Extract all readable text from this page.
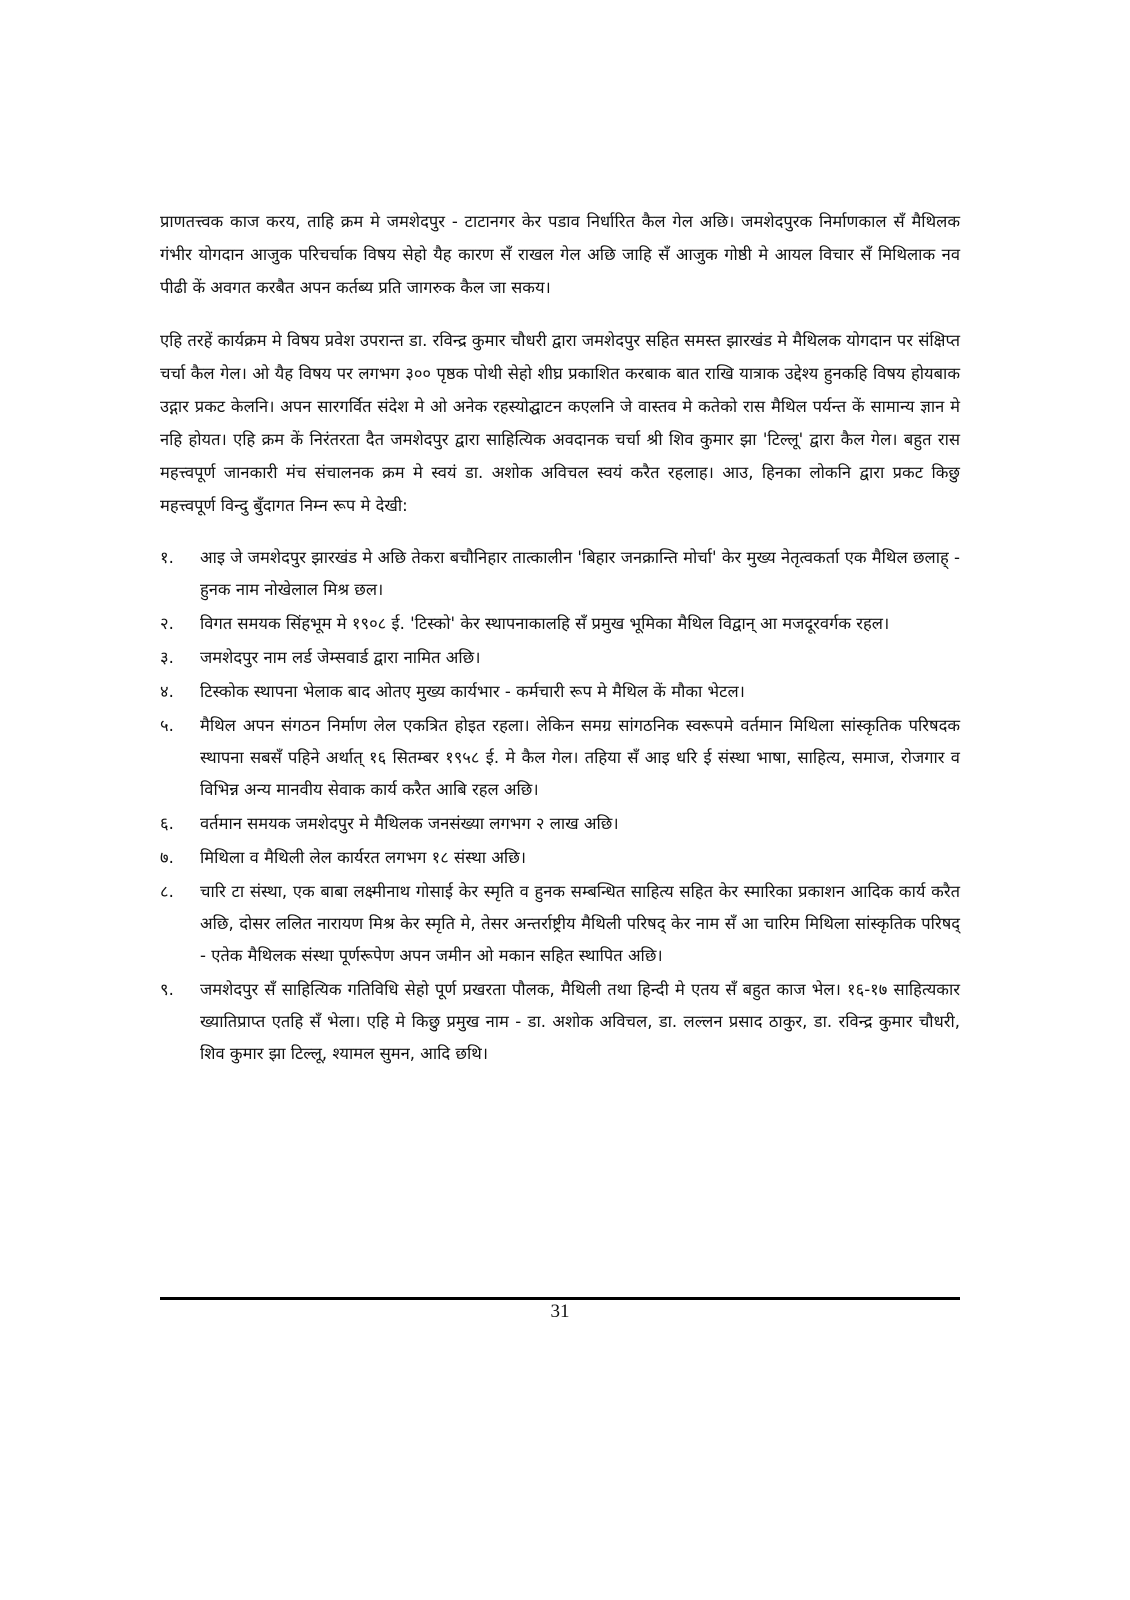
प्राणतत्त्वक काज करय, ताहि क्रम मे जमशेदपुर - टाटानगर केर पडाव निर्धारित कैल गेल अछि। जमशेदपुरक निर्माणकाल सँ मैथिलक गंभीर योगदान आजुक परिचर्चाक विषय सेहो यैह कारण सँ राखल गेल अछि जाहि सँ आजुक गोष्ठी मे आयल विचार सँ मिथिलाक नव पीढी कें अवगत करबैत अपन कर्तब्य प्रति जागरुक कैल जा सकय।

एहि तरहें कार्यक्रम मे विषय प्रवेश उपरान्त डा. रविन्द्र कुमार चौधरी द्वारा जमशेदपुर सहित समस्त झारखंड मे मैथिलक योगदान पर संक्षिप्त चर्चा कैल गेल। ओ यैह विषय पर लगभग ३०० पृष्ठक पोथी सेहो शीघ्र प्रकाशित करबाक बात राखि यात्राक उद्देश्य हुनकहि विषय होयबाक उद्गार प्रकट केलनि। अपन सारगर्वित संदेश मे ओ अनेक रहस्योद्घाटन कएलनि जे वास्तव मे कतेको रास मैथिल पर्यन्त कें सामान्य ज्ञान मे नहि होयत। एहि क्रम कें निरंतरता दैत जमशेदपुर द्वारा साहित्यिक अवदानक चर्चा श्री शिव कुमार झा 'टिल्लू' द्वारा कैल गेल। बहुत रास महत्त्वपूर्ण जानकारी मंच संचालनक क्रम मे स्वयं डा. अशोक अविचल स्वयं करैत रहलाह। आउ, हिनका लोकनि द्वारा प्रकट किछु महत्त्वपूर्ण विन्दु बुँदागत निम्न रूप मे देखी:

१.	आइ जे जमशेदपुर झारखंड मे अछि तेकरा बचौनिहार तात्कालीन 'बिहार जनक्रान्ति मोर्चा' केर मुख्य नेतृत्वकर्ता एक मैथिल छलाह् - हुनक नाम नोखेलाल मिश्र छल।
२.	विगत समयक सिंहभूम मे १९०८ ई. 'टिस्को' केर स्थापनाकालहि सँ प्रमुख भूमिका मैथिल विद्वान् आ मजदूरवर्गक रहल।
३.	जमशेदपुर नाम लर्ड जेम्सवार्ड द्वारा नामित अछि।
४.	टिस्कोक स्थापना भेलाक बाद ओतए मुख्य कार्यभार - कर्मचारी रूप मे मैथिल कें मौका भेटल।
५.	मैथिल अपन संगठन निर्माण लेल एकत्रित होइत रहला। लेकिन समग्र सांगठनिक स्वरूपमे वर्तमान मिथिला सांस्कृतिक परिषदक स्थापना सबसँ पहिने अर्थात् १६ सितम्बर १९५८ ई. मे कैल गेल। तहिया सँ आइ धरि ई संस्था भाषा, साहित्य, समाज, रोजगार व विभिन्न अन्य मानवीय सेवाक कार्य करैत आबि रहल अछि।
६.	वर्तमान समयक जमशेदपुर मे मैथिलक जनसंख्या लगभग २ लाख अछि।
७.	मिथिला व मैथिली लेल कार्यरत लगभग १८ संस्था अछि।
८.	चारि टा संस्था, एक बाबा लक्ष्मीनाथ गोसाई केर स्मृति व हुनक सम्बन्धित साहित्य सहित केर स्मारिका प्रकाशन आदिक कार्य करैत अछि, दोसर ललित नारायण मिश्र केर स्मृति मे, तेसर अन्तर्राष्ट्रीय मैथिली परिषद् केर नाम सँ आ चारिम मिथिला सांस्कृतिक परिषद् - एतेक मैथिलक संस्था पूर्णरूपेण अपन जमीन ओ मकान सहित स्थापित अछि।
९.	जमशेदपुर सँ साहित्यिक गतिविधि सेहो पूर्ण प्रखरता पौलक, मैथिली तथा हिन्दी मे एतय सँ बहुत काज भेल। १६-१७ साहित्यकार ख्यातिप्राप्त एतहि सँ भेला। एहि मे किछु प्रमुख नाम - डा. अशोक अविचल, डा. लल्लन प्रसाद ठाकुर, डा. रविन्द्र कुमार चौधरी, शिव कुमार झा टिल्लू, श्यामल सुमन, आदि छथि।
31
